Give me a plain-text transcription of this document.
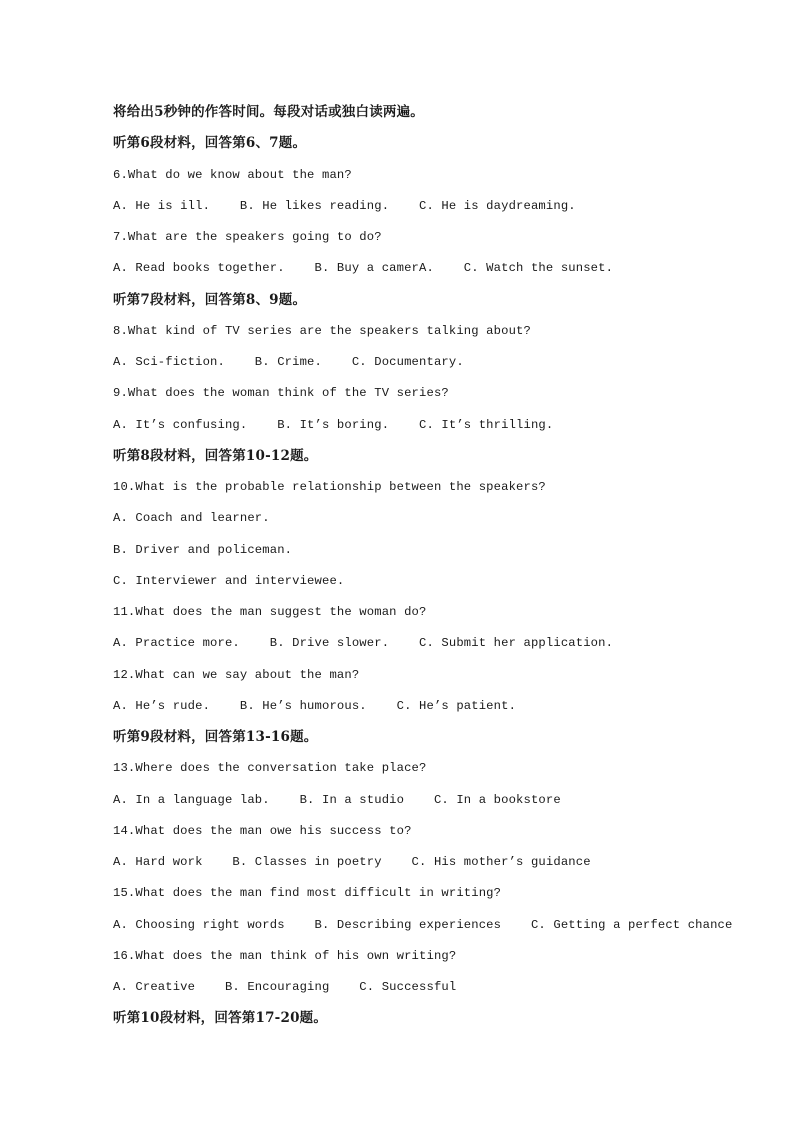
将给出5秒钟的作答时间。每段对话或独白读两遍。
听第6段材料，回答第6、7题。
6.What do we know about the man?
A. He is ill.    B. He likes reading.    C. He is daydreaming.
7.What are the speakers going to do?
A. Read books together.    B. Buy a camerA.    C. Watch the sunset.
听第7段材料，回答第8、9题。
8.What kind of TV series are the speakers talking about?
A. Sci-fiction.    B. Crime.    C. Documentary.
9.What does the woman think of the TV series?
A. It’s confusing.    B. It’s boring.    C. It’s thrilling.
听第8段材料，回答第10-12题。
10.What is the probable relationship between the speakers?
A. Coach and learner.
B. Driver and policeman.
C. Interviewer and interviewee.
11.What does the man suggest the woman do?
A. Practice more.    B. Drive slower.    C. Submit her application.
12.What can we say about the man?
A. He’s rude.    B. He’s humorous.    C. He’s patient.
听第9段材料，回答第13-16题。
13.Where does the conversation take place?
A. In a language lab.    B. In a studio    C. In a bookstore
14.What does the man owe his success to?
A. Hard work    B. Classes in poetry    C. His mother’s guidance
15.What does the man find most difficult in writing?
A. Choosing right words    B. Describing experiences    C. Getting a perfect chance
16.What does the man think of his own writing?
A. Creative    B. Encouraging    C. Successful
听第10段材料，回答第17-20题。
